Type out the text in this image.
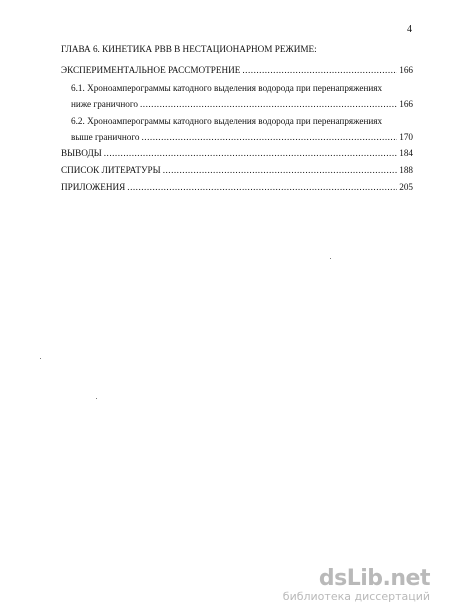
4
ГЛАВА 6. КИНЕТИКА РВВ В НЕСТАЦИОНАРНОМ РЕЖИМЕ:
ЭКСПЕРИМЕНТАЛЬНОЕ РАССМОТРЕНИЕ .....	166
6.1. Хроноамперограммы катодного выделения водорода при перенапряжениях
ниже граничного .....	166
6.2. Хроноамперограммы катодного выделения водорода при перенапряжениях
выше граничного .....	170
ВЫВОДЫ .....	184
СПИСОК ЛИТЕРАТУРЫ .....	188
ПРИЛОЖЕНИЯ .....	205
dsLib.net
библиотека диссертаций
